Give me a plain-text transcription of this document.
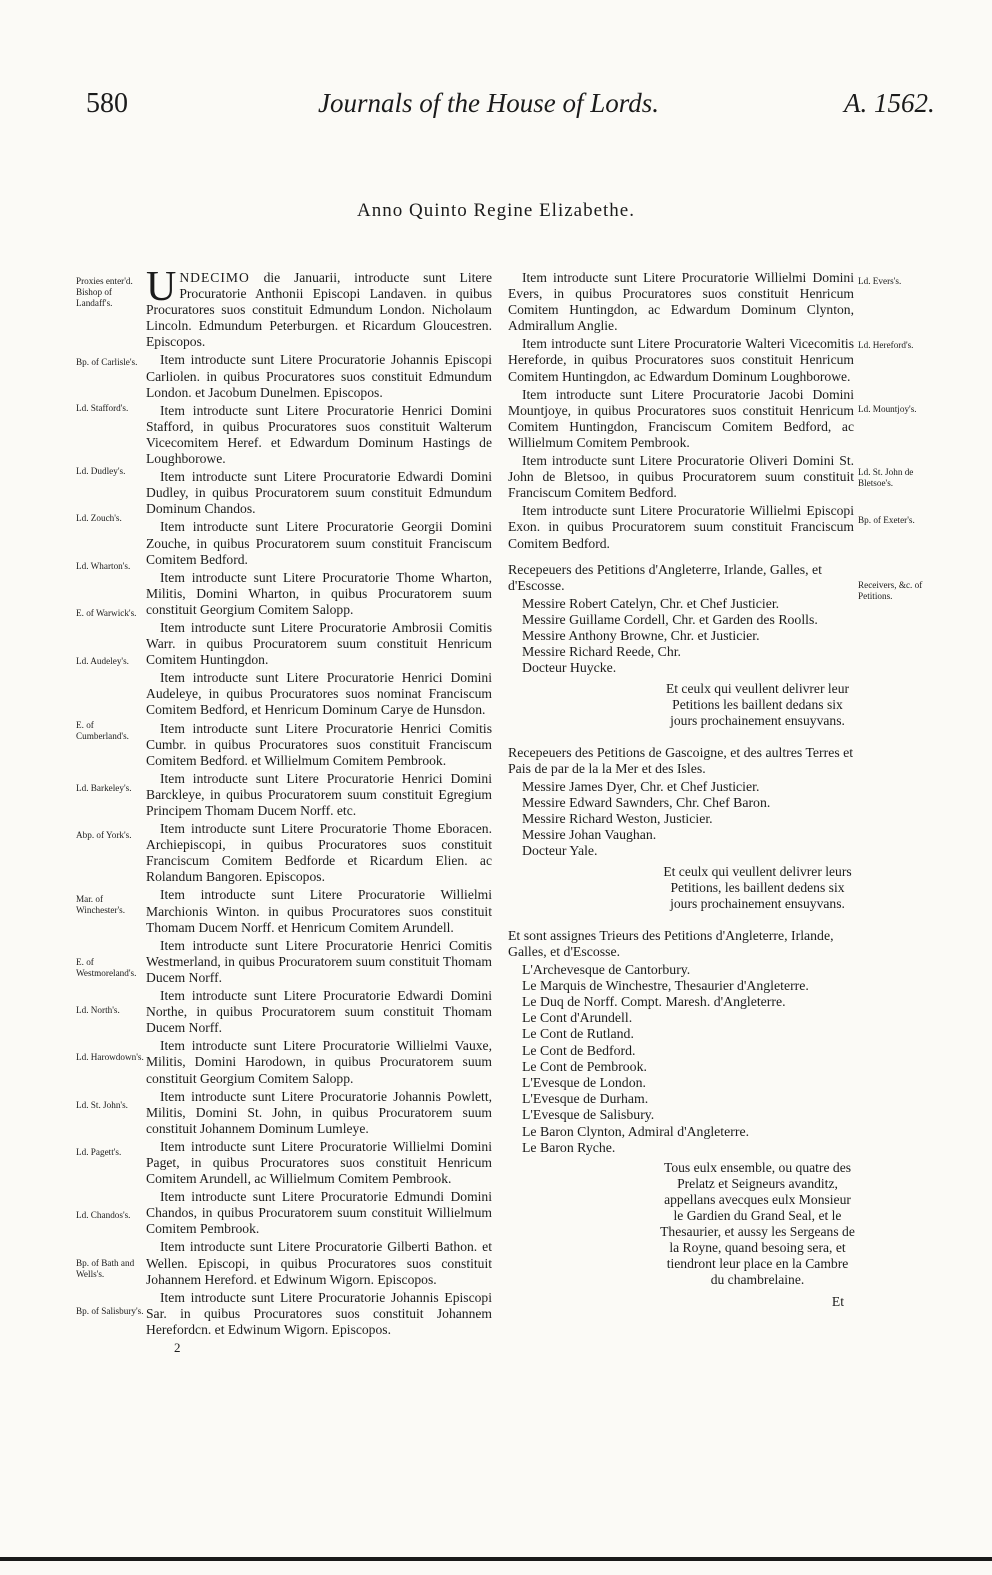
580	Journals of the House of Lords.	A. 1562.
Anno Quinto Regine Elizabethe.
Proxies enter'd. Bishop of Landaff's.
Bp. of Carlisle's.
Ld. Stafford's.
Ld. Dudley's.
Ld. Zouch's.
Ld. Wharton's.
E. of Warwick's.
Ld. Audeley's.
E. of Cumberland's.
Ld. Barkeley's.
Abp. of York's.
Mar. of Winchester's.
E. of Westmoreland's.
Ld. North's.
Ld. Harowdown's.
Ld. St. John's.
Ld. Pagett's.
Ld. Chandos's.
Bp. of Bath and Wells's.
Bp. of Salisbury's.

UNDECIMO die Januarii, introducte sunt Litere Procuratorie Anthonii Episcopi Landaven. in quibus Procuratores suos constituit Edmundum London. Nicholaum Lincoln. Edmundum Peterburgen. et Ricardum Gloucestren. Episcopos.

Item introducte sunt Litere Procuratorie Johannis Episcopi Carliolen. in quibus Procuratores suos constituit Edmundum London. et Jacobum Dunelmen. Episcopos.

Item introducte sunt Litere Procuratorie Henrici Domini Stafford, in quibus Procuratores suos constituit Walterum Vicecomitem Heref. et Edwardum Dominum Hastings de Loughborowe.

Item introducte sunt Litere Procuratorie Edwardi Domini Dudley, in quibus Procuratorem suum constituit Edmundum Dominum Chandos.

Item introducte sunt Litere Procuratorie Georgii Domini Zouche, in quibus Procuratorem suum constituit Franciscum Comitem Bedford.

Item introducte sunt Litere Procuratorie Thome Wharton, Militis, Domini Wharton, in quibus Procuratorem suum constituit Georgium Comitem Salopp.

Item introducte sunt Litere Procuratorie Ambrosii Comitis Warr. in quibus Procuratorem suum constituit Henricum Comitem Huntingdon.

Item introducte sunt Litere Procuratorie Henrici Domini Audeleye, in quibus Procuratores suos nominat Franciscum Comitem Bedford, et Henricum Dominum Carye de Hunsdon.

Item introducte sunt Litere Procuratorie Henrici Comitis Cumbr. in quibus Procuratores suos constituit Franciscum Comitem Bedford. et Willielmum Comitem Pembrook.

Item introducte sunt Litere Procuratorie Henrici Domini Barckleye, in quibus Procuratorem suum constituit Egregium Principem Thomam Ducem Norff. etc.

Item introducte sunt Litere Procuratorie Thome Eboracen. Archiepiscopi, in quibus Procuratores suos constituit Franciscum Comitem Bedforde et Ricardum Elien. ac Rolandum Bangoren. Episcopos.

Item introducte sunt Litere Procuratorie Willielmi Marchionis Winton. in quibus Procuratores suos constituit Thomam Ducem Norff. et Henricum Comitem Arundell.

Item introducte sunt Litere Procuratorie Henrici Comitis Westmerland, in quibus Procuratorem suum constituit Thomam Ducem Norff.

Item introducte sunt Litere Procuratorie Edwardi Domini Northe, in quibus Procuratorem suum constituit Thomam Ducem Norff.

Item introducte sunt Litere Procuratorie Willielmi Vauxe, Militis, Domini Harodown, in quibus Procuratorem suum constituit Georgium Comitem Salopp.

Item introducte sunt Litere Procuratorie Johannis Powlett, Militis, Domini St. John, in quibus Procuratorem suum constituit Johannem Dominum Lumleye.

Item introducte sunt Litere Procuratorie Willielmi Domini Paget, in quibus Procuratores suos constituit Henricum Comitem Arundell, ac Willielmum Comitem Pembrook.

Item introducte sunt Litere Procuratorie Edmundi Domini Chandos, in quibus Procuratorem suum constituit Willielmum Comitem Pembrook.

Item introducte sunt Litere Procuratorie Gilberti Bathon. et Wellen. Episcopi, in quibus Procuratores suos constituit Johannem Hereford. et Edwinum Wigorn. Episcopos.

Item introducte sunt Litere Procuratorie Johannis Episcopi Sar. in quibus Procuratores suos constituit Johannem Herefordcn. et Edwinum Wigorn. Episcopos.

2
Ld. Evers's.
Ld. Hereford's.
Ld. Mountjoy's.
Ld. St. John de Bletsoe's.
Bp. of Exeter's.
Receivers, &c. of Petitions.

Item introducte sunt Litere Procuratorie Willielmi Domini Evers, in quibus Procuratores suos constituit Henricum Comitem Huntingdon, ac Edwardum Dominum Clynton, Admirallum Anglie.

Item introducte sunt Litere Procuratorie Walteri Vicecomitis Hereforde, in quibus Procuratores suos constituit Henricum Comitem Huntingdon, ac Edwardum Dominum Loughborowe.

Item introducte sunt Litere Procuratorie Jacobi Domini Mountjoye, in quibus Procuratores suos constituit Henricum Comitem Huntingdon, Franciscum Comitem Bedford, ac Willielmum Comitem Pembrook.

Item introducte sunt Litere Procuratorie Oliveri Domini St. John de Bletsoo, in quibus Procuratorem suum constituit Franciscum Comitem Bedford.

Item introducte sunt Litere Procuratorie Willielmi Episcopi Exon. in quibus Procuratorem suum constituit Franciscum Comitem Bedford.

Recepeuers des Petitions d'Angleterre, Irlande, Galles, et d'Escosse.
Messire Robert Catelyn, Chr. et Chef Justicier.
Messire Guillame Cordell, Chr. et Garden des Roolls.
Messire Anthony Browne, Chr. et Justicier.
Messire Richard Reede, Chr.
Docteur Huycke.
Et ceulx qui veullent delivrer leur Petitions les baillent dedans six jours prochainement ensuyvans.
Recepeuers des Petitions de Gascoigne, et des aultres Terres et Pais de par de la la Mer et des Isles.
Messire James Dyer, Chr. et Chef Justicier.
Messire Edward Sawnders, Chr. Chef Baron.
Messire Richard Weston, Justicier.
Messire Johan Vaughan.
Docteur Yale.
Et ceulx qui veullent delivrer leurs Petitions, les baillent dedens six jours prochainement ensuyvans.
Et sont assignes Trieurs des Petitions d'Angleterre, Irlande, Galles, et d'Escosse.
L'Archevesque de Cantorbury.
Le Marquis de Winchestre, Thesaurier d'Angleterre.
Le Duq de Norff. Compt. Maresh. d'Angleterre.
Le Cont d'Arundell.
Le Cont de Rutland.
Le Cont de Bedford.
Le Cont de Pembrook.
L'Evesque de London.
L'Evesque de Durham.
L'Evesque de Salisbury.
Le Baron Clynton, Admiral d'Angleterre.
Le Baron Ryche.
Tous eulx ensemble, ou quatre des Prelatz et Seigneurs avanditz, appellans avecques eulx Monsieur le Gardien du Grand Seal, et le Thesaurier, et aussy les Sergeans de la Royne, quand besoing sera, et tiendront leur place en la Cambre du chambrelaine.
Et
